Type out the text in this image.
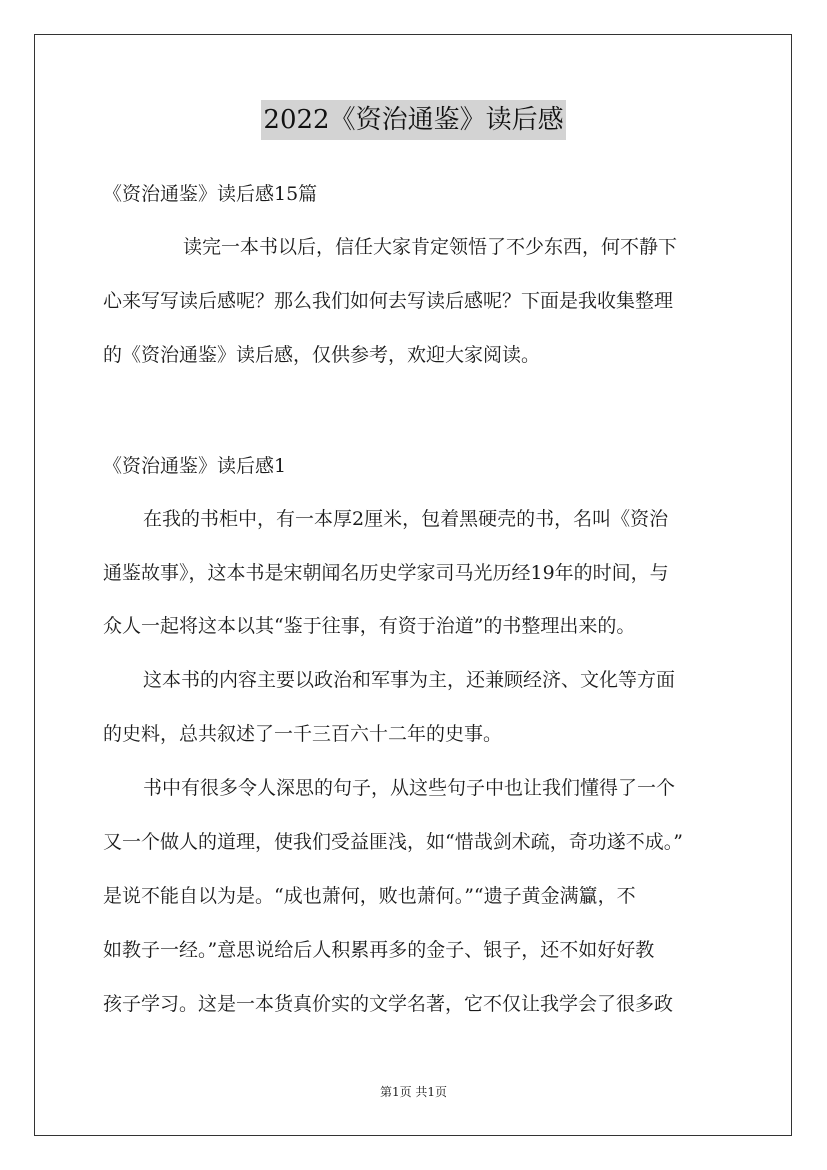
2022《资治通鉴》读后感
《资治通鉴》读后感15篇
读完一本书以后，信任大家肯定领悟了不少东西，何不静下
心来写写读后感呢？那么我们如何去写读后感呢？下面是我收集整理
的《资治通鉴》读后感，仅供参考，欢迎大家阅读。
《资治通鉴》读后感1
在我的书柜中，有一本厚2厘米，包着黑硬壳的书，名叫《资治
通鉴故事》，这本书是宋朝闻名历史学家司马光历经19年的时间，与
众人一起将这本以其“鉴于往事，有资于治道”的书整理出来的。
这本书的内容主要以政治和军事为主，还兼顾经济、文化等方面
的史料，总共叙述了一千三百六十二年的史事。
书中有很多令人深思的句子，从这些句子中也让我们懂得了一个
又一个做人的道理，使我们受益匪浅，如“惜哉剑术疏，奇功遂不成。”
是说不能自以为是。“成也萧何，败也萧何。”“遗子黄金满籯，不
如教子一经。”意思说给后人积累再多的金子、银子，还不如好好教
孩子学习。这是一本货真价实的文学名著，它不仅让我学会了很多政
第1页 共1页
